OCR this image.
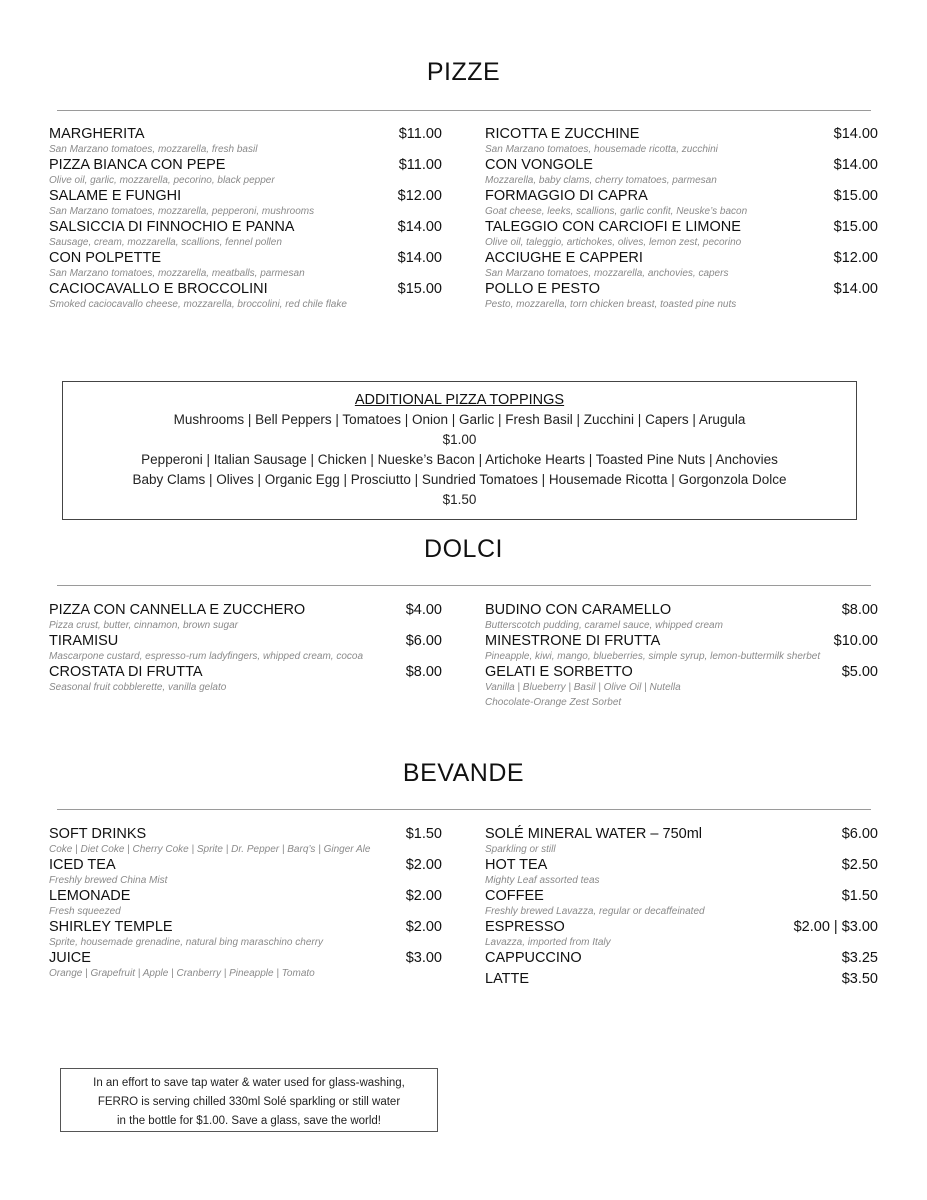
PIZZE
MARGHERITA	$11.00
San Marzano tomatoes, mozzarella, fresh basil
PIZZA BIANCA CON PEPE	$11.00
Olive oil, garlic, mozzarella, pecorino, black pepper
SALAME E FUNGHI	$12.00
San Marzano tomatoes, mozzarella, pepperoni, mushrooms
SALSICCIA DI FINNOCHIO E PANNA	$14.00
Sausage, cream, mozzarella, scallions, fennel pollen
CON POLPETTE	$14.00
San Marzano tomatoes, mozzarella, meatballs, parmesan
CACIOCAVALLO E BROCCOLINI	$15.00
Smoked caciocavallo cheese, mozzarella, broccolini, red chile flake
RICOTTA E ZUCCHINE	$14.00
San Marzano tomatoes, housemade ricotta, zucchini
CON VONGOLE	$14.00
Mozzarella, baby clams, cherry tomatoes, parmesan
FORMAGGIO DI CAPRA	$15.00
Goat cheese, leeks, scallions, garlic confit, Neuske’s bacon
TALEGGIO CON CARCIOFI E LIMONE	$15.00
Olive oil, taleggio, artichokes, olives, lemon zest, pecorino
ACCIUGHE E CAPPERI	$12.00
San Marzano tomatoes, mozzarella, anchovies, capers
POLLO E PESTO	$14.00
Pesto, mozzarella, torn chicken breast, toasted pine nuts
ADDITIONAL PIZZA TOPPINGS
Mushrooms | Bell Peppers | Tomatoes | Onion | Garlic | Fresh Basil | Zucchini | Capers | Arugula
$1.00
Pepperoni | Italian Sausage | Chicken | Nueske’s Bacon | Artichoke Hearts | Toasted Pine Nuts | Anchovies
Baby Clams | Olives | Organic Egg | Prosciutto | Sundried Tomatoes | Housemade Ricotta | Gorgonzola Dolce
$1.50
DOLCI
PIZZA CON CANNELLA E ZUCCHERO	$4.00
Pizza crust, butter, cinnamon, brown sugar
TIRAMISU	$6.00
Mascarpone custard, espresso-rum ladyfingers, whipped cream, cocoa
CROSTATA DI FRUTTA	$8.00
Seasonal fruit cobblerette, vanilla gelato
BUDINO CON CARAMELLO	$8.00
Butterscotch pudding, caramel sauce, whipped cream
MINESTRONE DI FRUTTA	$10.00
Pineapple, kiwi, mango, blueberries, simple syrup, lemon-buttermilk sherbet
GELATI E SORBETTO	$5.00
Vanilla | Blueberry | Basil | Olive Oil | Nutella
Chocolate-Orange Zest Sorbet
BEVANDE
SOFT DRINKS	$1.50
Coke | Diet Coke | Cherry Coke | Sprite | Dr. Pepper | Barq’s | Ginger Ale
ICED TEA	$2.00
Freshly brewed China Mist
LEMONADE	$2.00
Fresh squeezed
SHIRLEY TEMPLE	$2.00
Sprite, housemade grenadine, natural bing maraschino cherry
JUICE	$3.00
Orange | Grapefruit | Apple | Cranberry | Pineapple | Tomato
SOLÉ MINERAL WATER – 750ml	$6.00
Sparkling or still
HOT TEA	$2.50
Mighty Leaf assorted teas
COFFEE	$1.50
Freshly brewed Lavazza, regular or decaffeinated
ESPRESSO	$2.00 | $3.00
Lavazza, imported from Italy
CAPPUCCINO	$3.25
LATTE	$3.50
In an effort to save tap water & water used for glass-washing,
FERRO is serving chilled 330ml Solé sparkling or still water
in the bottle for $1.00. Save a glass, save the world!
